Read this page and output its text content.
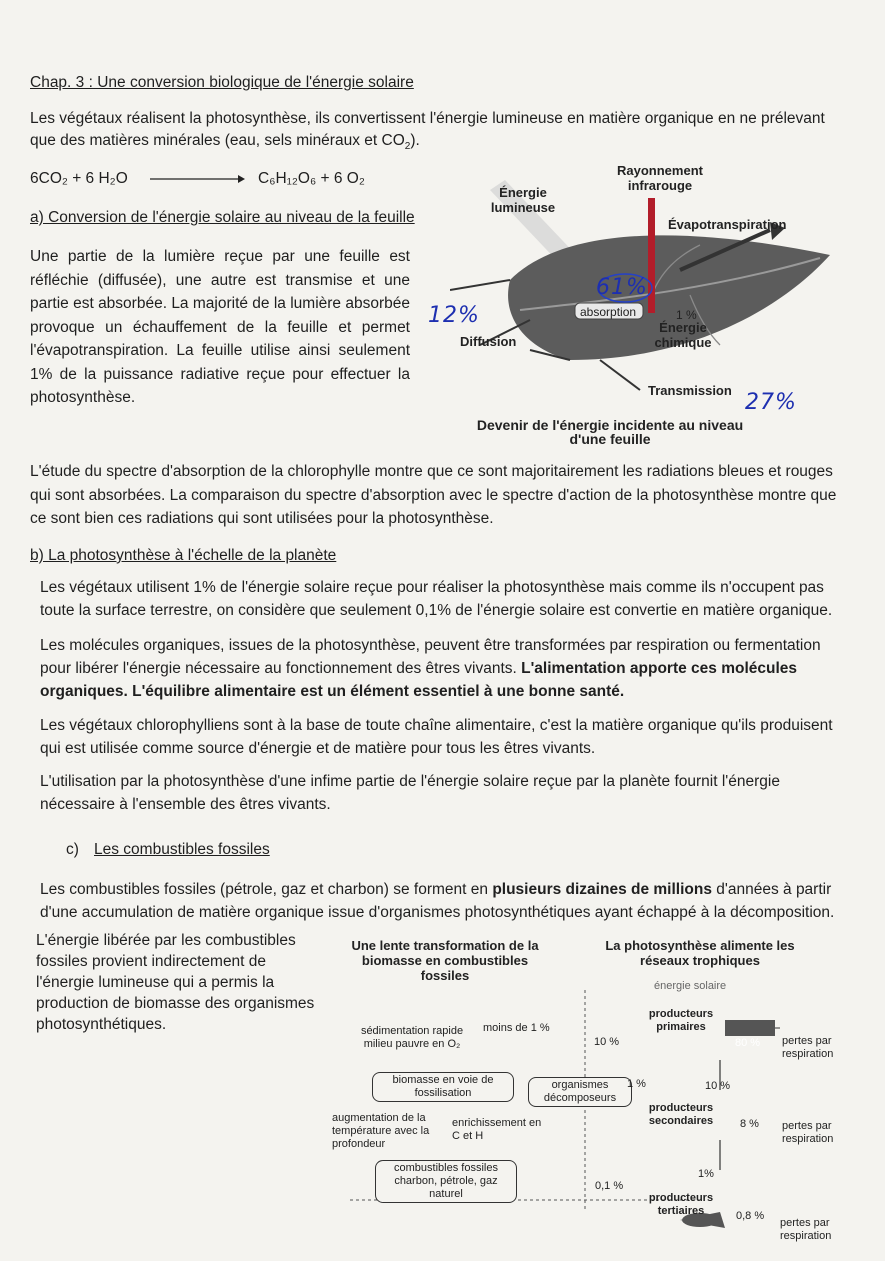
Chap. 3 : Une conversion biologique de l'énergie solaire
Les végétaux réalisent la photosynthèse, ils convertissent l'énergie lumineuse en matière organique en ne prélevant
que des matières minérales (eau, sels minéraux et $CO_2$).
6CO₂ + 6 H₂O	C₆H₁₂O₆ + 6 O₂
a) Conversion de l'énergie solaire au niveau de la feuille
Une partie de la lumière reçue par une feuille est réfléchie (diffusée), une autre est transmise et une partie est absorbée. La majorité de la lumière absorbée provoque un échauffement de la feuille et permet l'évapotranspiration. La feuille utilise ainsi seulement 1% de la puissance radiative reçue pour effectuer la photosynthèse.
Énergie lumineuse
Rayonnement infrarouge
Évapotranspiration
absorption	1 %
Énergie chimique
Diffusion
Transmission
Devenir de l'énergie incidente au niveau d'une feuille
61%
12%
27%
L'étude du spectre d'absorption de la chlorophylle montre que ce sont majoritairement les radiations bleues et rouges qui sont absorbées. La comparaison du spectre d'absorption avec le spectre d'action de la photosynthèse montre que ce sont bien ces radiations qui sont utilisées pour la photosynthèse.
b) La photosynthèse à l'échelle de la planète
Les végétaux utilisent 1% de l'énergie solaire reçue pour réaliser la photosynthèse mais comme ils n'occupent pas toute la surface terrestre, on considère que seulement 0,1% de l'énergie solaire est convertie en matière organique.
Les molécules organiques, issues de la photosynthèse, peuvent être transformées par respiration ou fermentation pour libérer l'énergie nécessaire au fonctionnement des êtres vivants. L'alimentation apporte ces molécules organiques. L'équilibre alimentaire est un élément essentiel à une bonne santé.
Les végétaux chlorophylliens sont à la base de toute chaîne alimentaire, c'est la matière organique qu'ils produisent qui est utilisée comme source d'énergie et de matière pour tous les êtres vivants.
L'utilisation par la photosynthèse d'une infime partie de l'énergie solaire reçue par la planète fournit l'énergie nécessaire à l'ensemble des êtres vivants.
c) Les combustibles fossiles
Les combustibles fossiles (pétrole, gaz et charbon) se forment en plusieurs dizaines de millions d'années à partir d'une accumulation de matière organique issue d'organismes photosynthétiques ayant échappé à la décomposition.
L'énergie libérée par les combustibles fossiles provient indirectement de l'énergie lumineuse qui a permis la production de biomasse des organismes photosynthétiques.
Une lente transformation de la biomasse en combustibles fossiles
La photosynthèse alimente les réseaux trophiques
énergie solaire
sédimentation rapide milieu pauvre en O₂
moins de 1 %
biomasse en voie de fossilisation
organismes décomposeurs
augmentation de la température avec la profondeur
enrichissement en C et H
combustibles fossiles charbon, pétrole, gaz naturel
producteurs primaires
producteurs secondaires
producteurs tertiaires
10 %	80 %
1 %	10 %
8 %
1%
0,1 %
0,8 %
pertes par respiration
pertes par respiration
pertes par respiration
